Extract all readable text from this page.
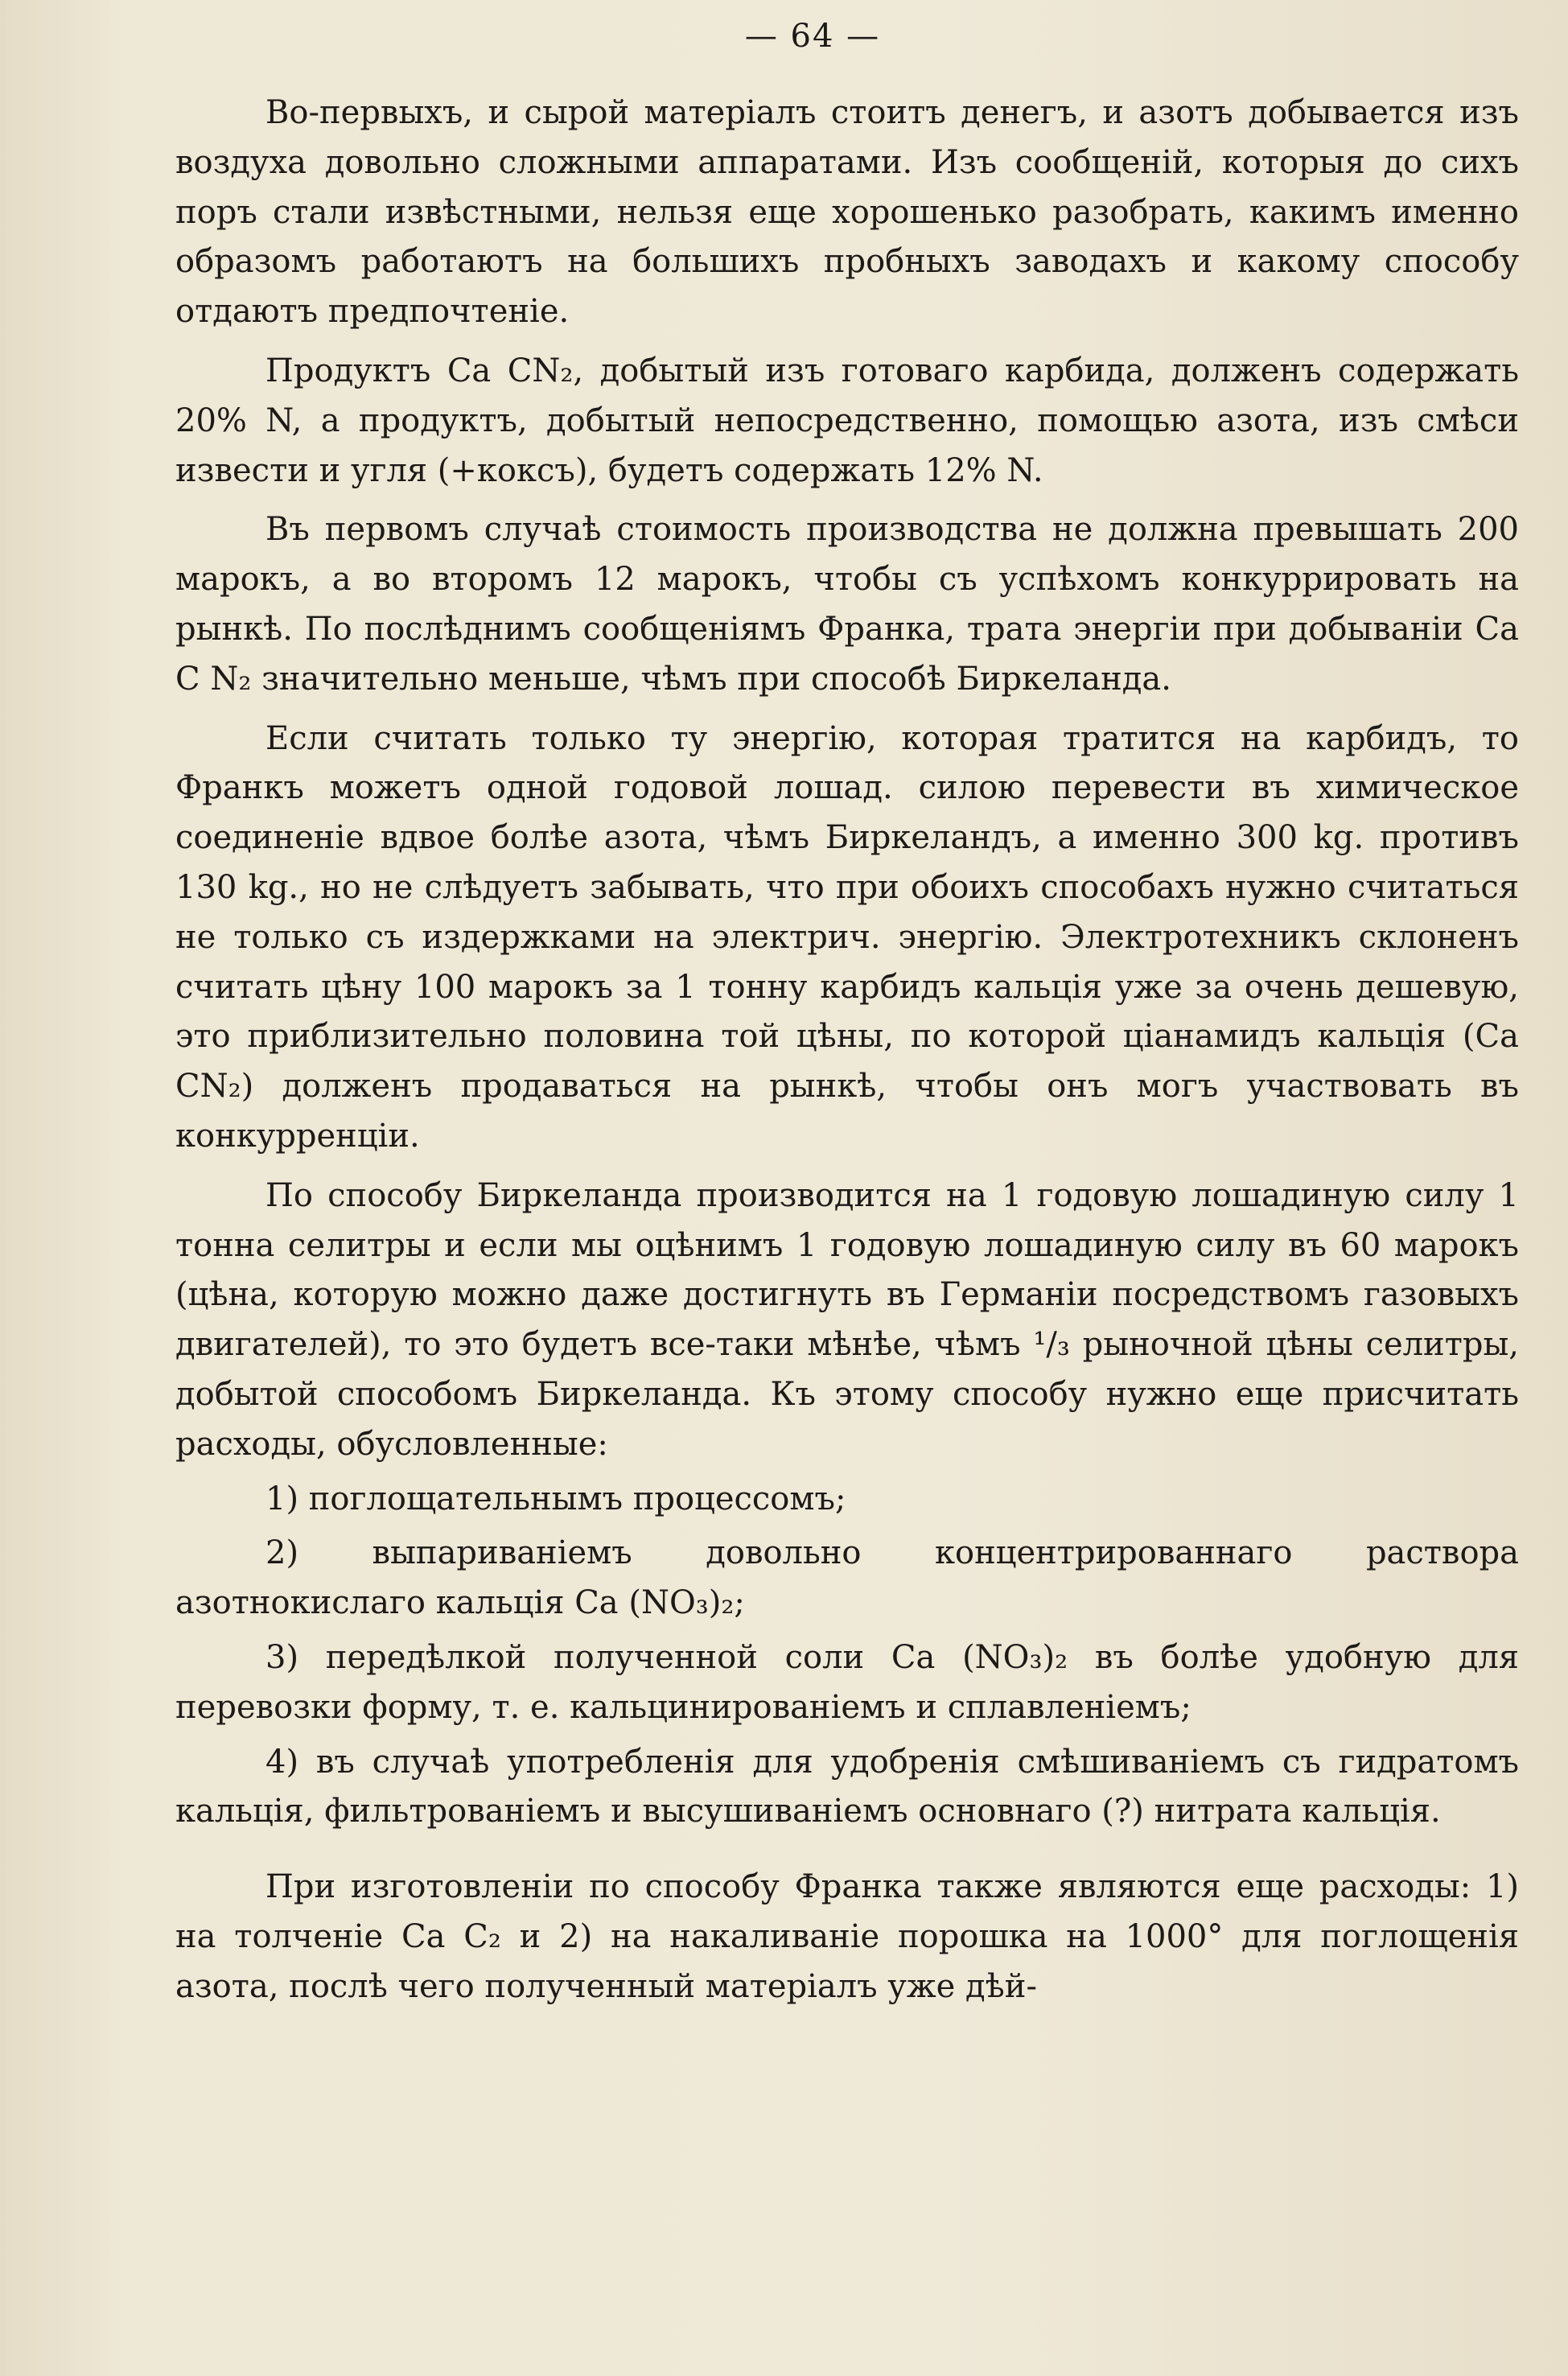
— 64 —

Во-первыхъ, и сырой матеріалъ стоитъ денегъ, и азотъ добывается изъ воздуха довольно сложными аппаратами. Изъ сообщеній, которыя до сихъ поръ стали извѣстными, нельзя еще хорошенько разобрать, какимъ именно образомъ работаютъ на большихъ пробныхъ заводахъ и какому способу отдаютъ предпочтеніе.

Продуктъ Ca CN₂, добытый изъ готоваго карбида, долженъ содержать 20% N, а продуктъ, добытый непосредственно, помощью азота, изъ смѣси извести и угля (+коксъ), будетъ содержать 12% N.

Въ первомъ случаѣ стоимость производства не должна превышать 200 марокъ, а во второмъ 12 марокъ, чтобы съ успѣхомъ конкуррировать на рынкѣ. По послѣднимъ сообщеніямъ Франка, трата энергіи при добываніи Ca C N₂ значительно меньше, чѣмъ при способѣ Биркеланда.

Если считать только ту энергію, которая тратится на карбидъ, то Франкъ можетъ одной годовой лошад. силою перевести въ химическое соединеніе вдвое болѣе азота, чѣмъ Биркеландъ, а именно 300 kg. противъ 130 kg., но не слѣдуетъ забывать, что при обоихъ способахъ нужно считаться не только съ издержками на электрич. энергію. Электротехникъ склоненъ считать цѣну 100 марокъ за 1 тонну карбидъ кальція уже за очень дешевую, это приблизительно половина той цѣны, по которой ціанамидъ кальція (Ca CN₂) долженъ продаваться на рынкѣ, чтобы онъ могъ участвовать въ конкурренціи.

По способу Биркеланда производится на 1 годовую лошадиную силу 1 тонна селитры и если мы оцѣнимъ 1 годовую лошадиную силу въ 60 марокъ (цѣна, которую можно даже достигнуть въ Германіи посредствомъ газовыхъ двигателей), то это будетъ все-таки мѣнѣе, чѣмъ ¹/₃ рыночной цѣны селитры, добытой способомъ Биркеланда. Къ этому способу нужно еще присчитать расходы, обусловленные:

1) поглощательнымъ процессомъ;

2) выпариваніемъ довольно концентрированнаго раствора азотнокислаго кальція Ca (NO₃)₂;

3) передѣлкой полученной соли Ca (NO₃)₂ въ болѣе удобную для перевозки форму, т. е. кальцинированіемъ и сплавленіемъ;

4) въ случаѣ употребленія для удобренія смѣшиваніемъ съ гидратомъ кальція, фильтрованіемъ и высушиваніемъ основнаго (?) нитрата кальція.

При изготовленіи по способу Франка также являются еще расходы: 1) на толченіе Ca C₂ и 2) на накаливаніе порошка на 1000° для поглощенія азота, послѣ чего полученный матеріалъ уже дѣй-
